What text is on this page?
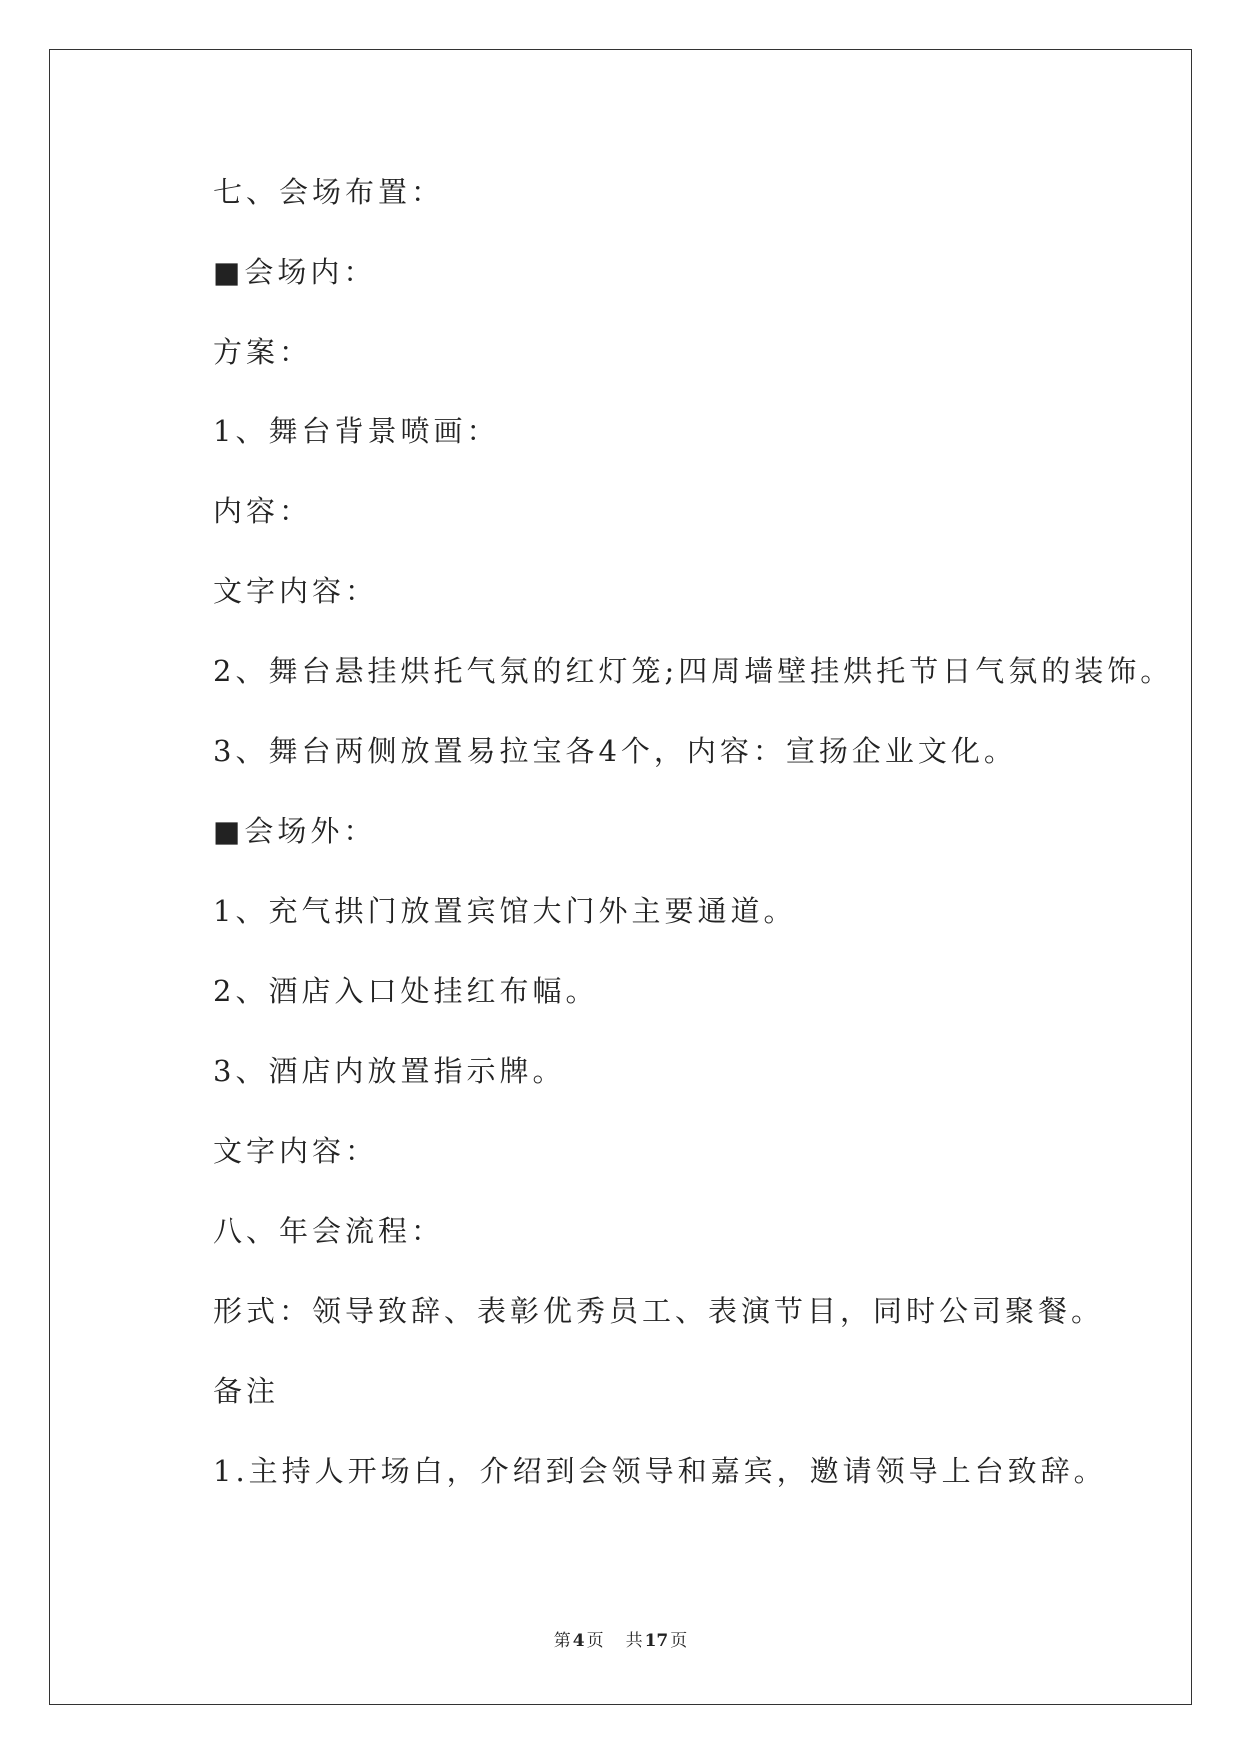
七、会场布置：
■会场内：
方案：
1、舞台背景喷画：
内容：
文字内容：
2、舞台悬挂烘托气氛的红灯笼;四周墙壁挂烘托节日气氛的装饰。
3、舞台两侧放置易拉宝各4个，内容：宣扬企业文化。
■会场外：
1、充气拱门放置宾馆大门外主要通道。
2、酒店入口处挂红布幅。
3、酒店内放置指示牌。
文字内容：
八、年会流程：
形式：领导致辞、表彰优秀员工、表演节目，同时公司聚餐。
备注
1.主持人开场白，介绍到会领导和嘉宾，邀请领导上台致辞。
第 4 页 共 17 页
